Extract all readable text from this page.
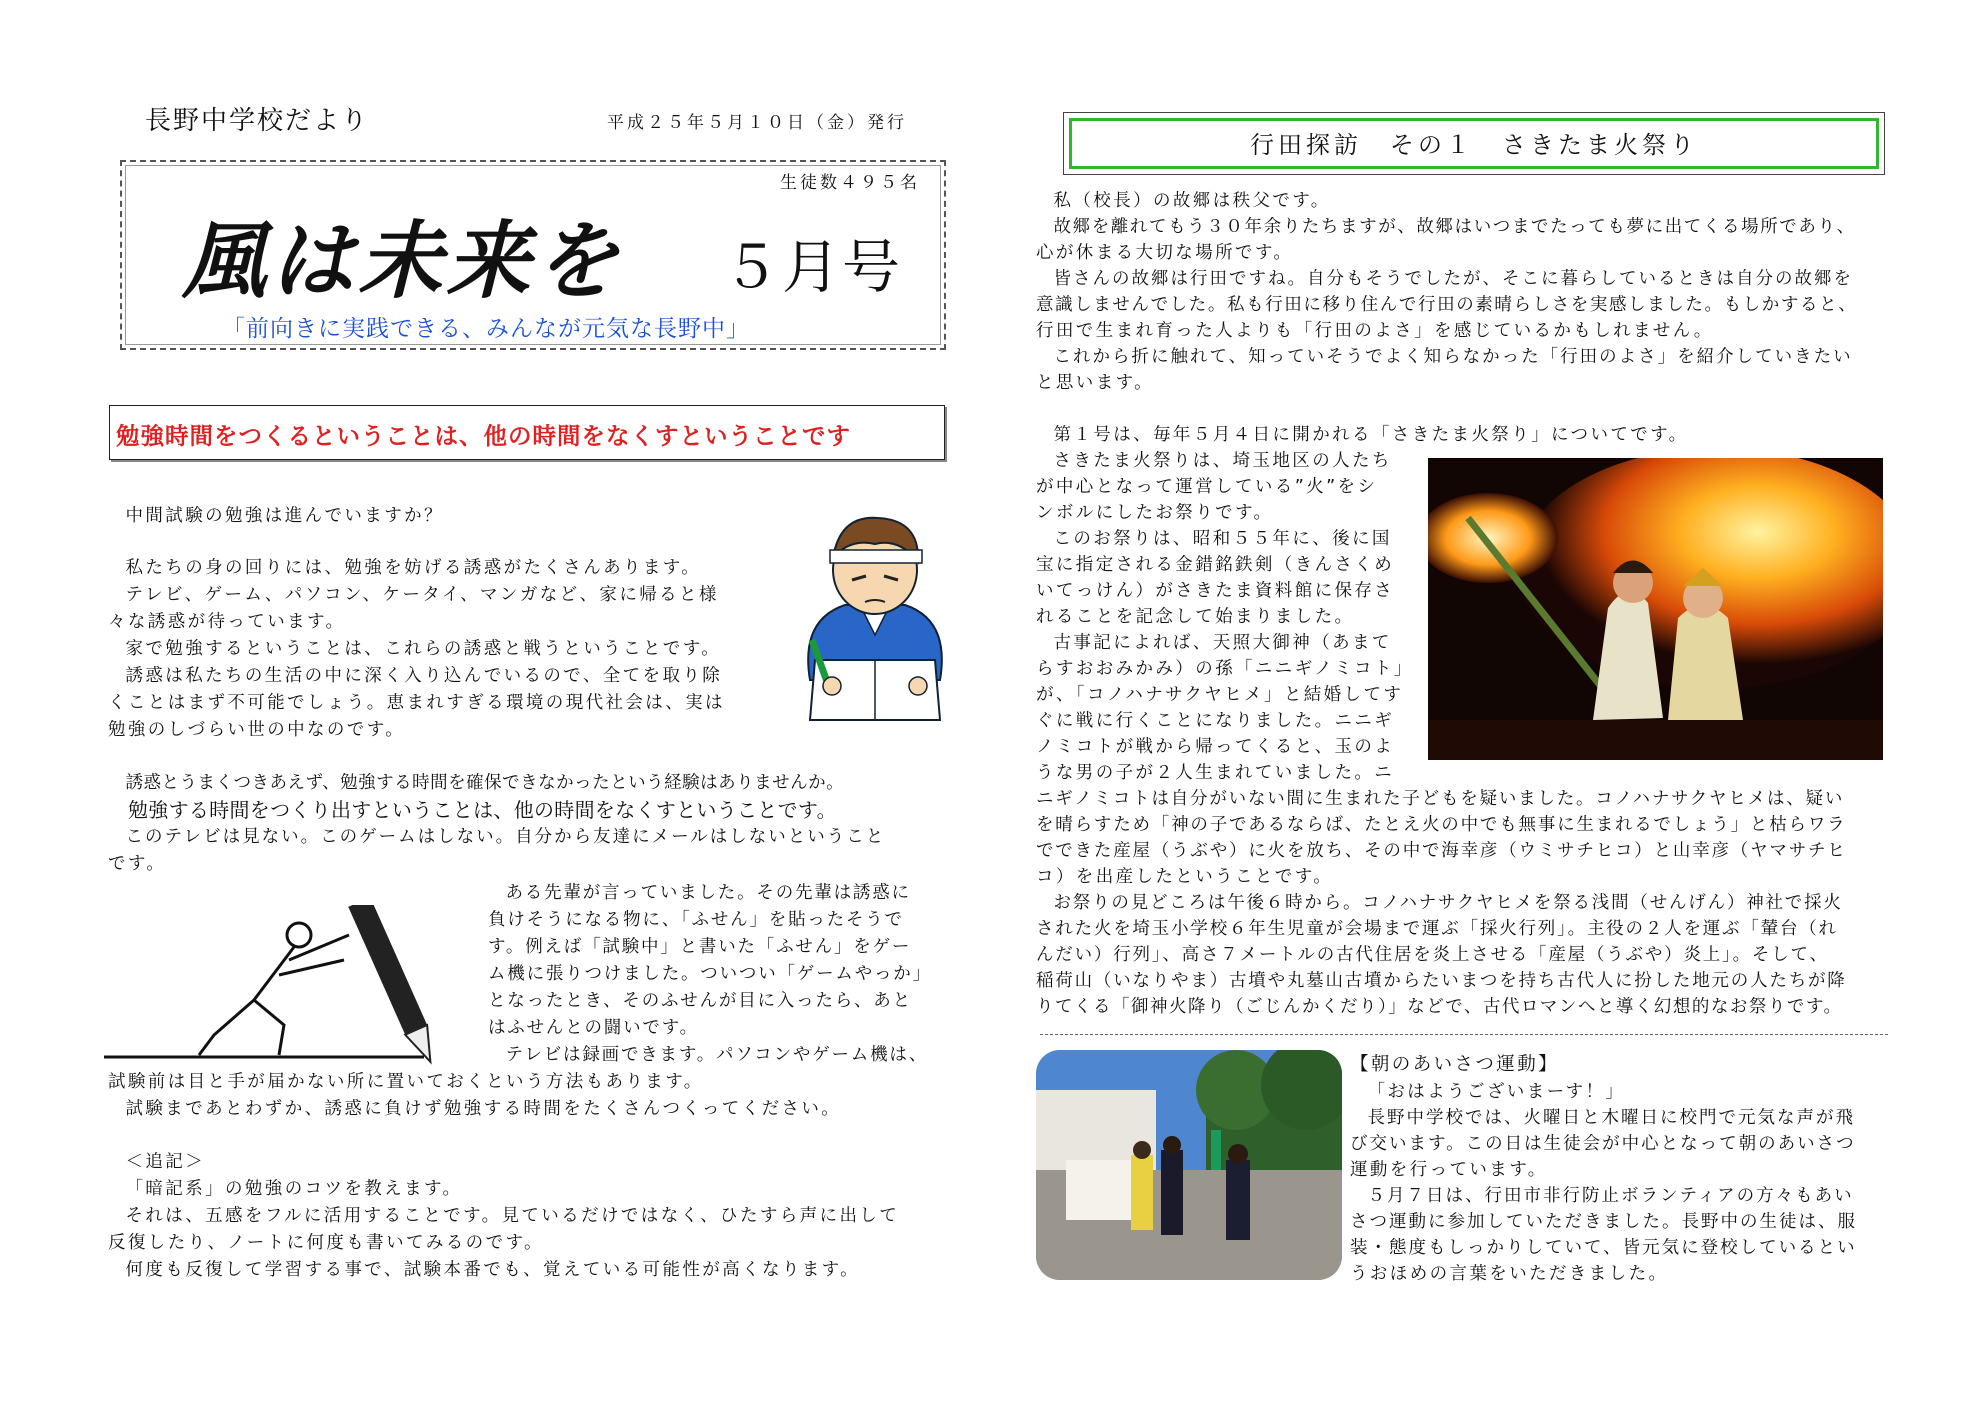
長野中学校だより	平成２５年５月１０日（金）発行
生徒数４９５名
風は未来を ５月号
「前向きに実践できる、みんなが元気な長野中」
勉強時間をつくるということは、他の時間をなくすということです

中間試験の勉強は進んでいますか？

私たちの身の回りには、勉強を妨げる誘惑がたくさんあります。

テレビ、ゲーム、パソコン、ケータイ、マンガなど、家に帰ると様

々な誘惑が待っています。

家で勉強するということは、これらの誘惑と戦うということです。

誘惑は私たちの生活の中に深く入り込んでいるので、全てを取り除

くことはまず不可能でしょう。恵まれすぎる環境の現代社会は、実は

勉強のしづらい世の中なのです。

誘惑とうまくつきあえず、勉強する時間を確保できなかったという経験はありませんか。

勉強する時間をつくり出すということは、他の時間をなくすということです。

このテレビは見ない。このゲームはしない。自分から友達にメールはしないということ

です。

ある先輩が言っていました。その先輩は誘惑に

負けそうになる物に、「ふせん」を貼ったそうで

す。例えば「試験中」と書いた「ふせん」をゲー

ム機に張りつけました。ついつい「ゲームやっか」

となったとき、そのふせんが目に入ったら、あと

はふせんとの闘いです。

テレビは録画できます。パソコンやゲーム機は、

試験前は目と手が届かない所に置いておくという方法もあります。

試験まであとわずか、誘惑に負けず勉強する時間をたくさんつくってください。

＜追記＞

「暗記系」の勉強のコツを教えます。

それは、五感をフルに活用することです。見ているだけではなく、ひたすら声に出して

反復したり、ノートに何度も書いてみるのです。

何度も反復して学習する事で、試験本番でも、覚えている可能性が高くなります。

行田探訪　その１　さきたま火祭り

私（校長）の故郷は秩父です。

故郷を離れてもう３０年余りたちますが、故郷はいつまでたっても夢に出てくる場所であり、

心が休まる大切な場所です。

皆さんの故郷は行田ですね。自分もそうでしたが、そこに暮らしているときは自分の故郷を

意識しませんでした。私も行田に移り住んで行田の素晴らしさを実感しました。もしかすると、

行田で生まれ育った人よりも「行田のよさ」を感じているかもしれません。

これから折に触れて、知っていそうでよく知らなかった「行田のよさ」を紹介していきたい

と思います。

第１号は、毎年５月４日に開かれる「さきたま火祭り」についてです。

さきたま火祭りは、埼玉地区の人たち

が中心となって運営している”火”をシ

ンボルにしたお祭りです。

このお祭りは、昭和５５年に、後に国

宝に指定される金錯銘鉄剣（きんさくめ

いてっけん）がさきたま資料館に保存さ

れることを記念して始まりました。

古事記によれば、天照大御神（あまて

らすおおみかみ）の孫「ニニギノミコト」

が、「コノハナサクヤヒメ」と結婚してす

ぐに戦に行くことになりました。ニニギ

ノミコトが戦から帰ってくると、玉のよ

うな男の子が２人生まれていました。ニ

ニギノミコトは自分がいない間に生まれた子どもを疑いました。コノハナサクヤヒメは、疑い

を晴らすため「神の子であるならば、たとえ火の中でも無事に生まれるでしょう」と枯らワラ

でできた産屋（うぶや）に火を放ち、その中で海幸彦（ウミサチヒコ）と山幸彦（ヤマサチヒ

コ）を出産したということです。

お祭りの見どころは午後６時から。コノハナサクヤヒメを祭る浅間（せんげん）神社で採火

された火を埼玉小学校６年生児童が会場まで運ぶ「採火行列」。主役の２人を運ぶ「輦台（れ

んだい）行列」、高さ７メートルの古代住居を炎上させる「産屋（うぶや）炎上」。そして、

稲荷山（いなりやま）古墳や丸墓山古墳からたいまつを持ち古代人に扮した地元の人たちが降

りてくる「御神火降り（ごじんかくだり）」などで、古代ロマンへと導く幻想的なお祭りです。

【朝のあいさつ運動】

「おはようございまーす！」

長野中学校では、火曜日と木曜日に校門で元気な声が飛

び交います。この日は生徒会が中心となって朝のあいさつ

運動を行っています。

５月７日は、行田市非行防止ボランティアの方々もあい

さつ運動に参加していただきました。長野中の生徒は、服

装・態度もしっかりしていて、皆元気に登校しているとい

うおほめの言葉をいただきました。
